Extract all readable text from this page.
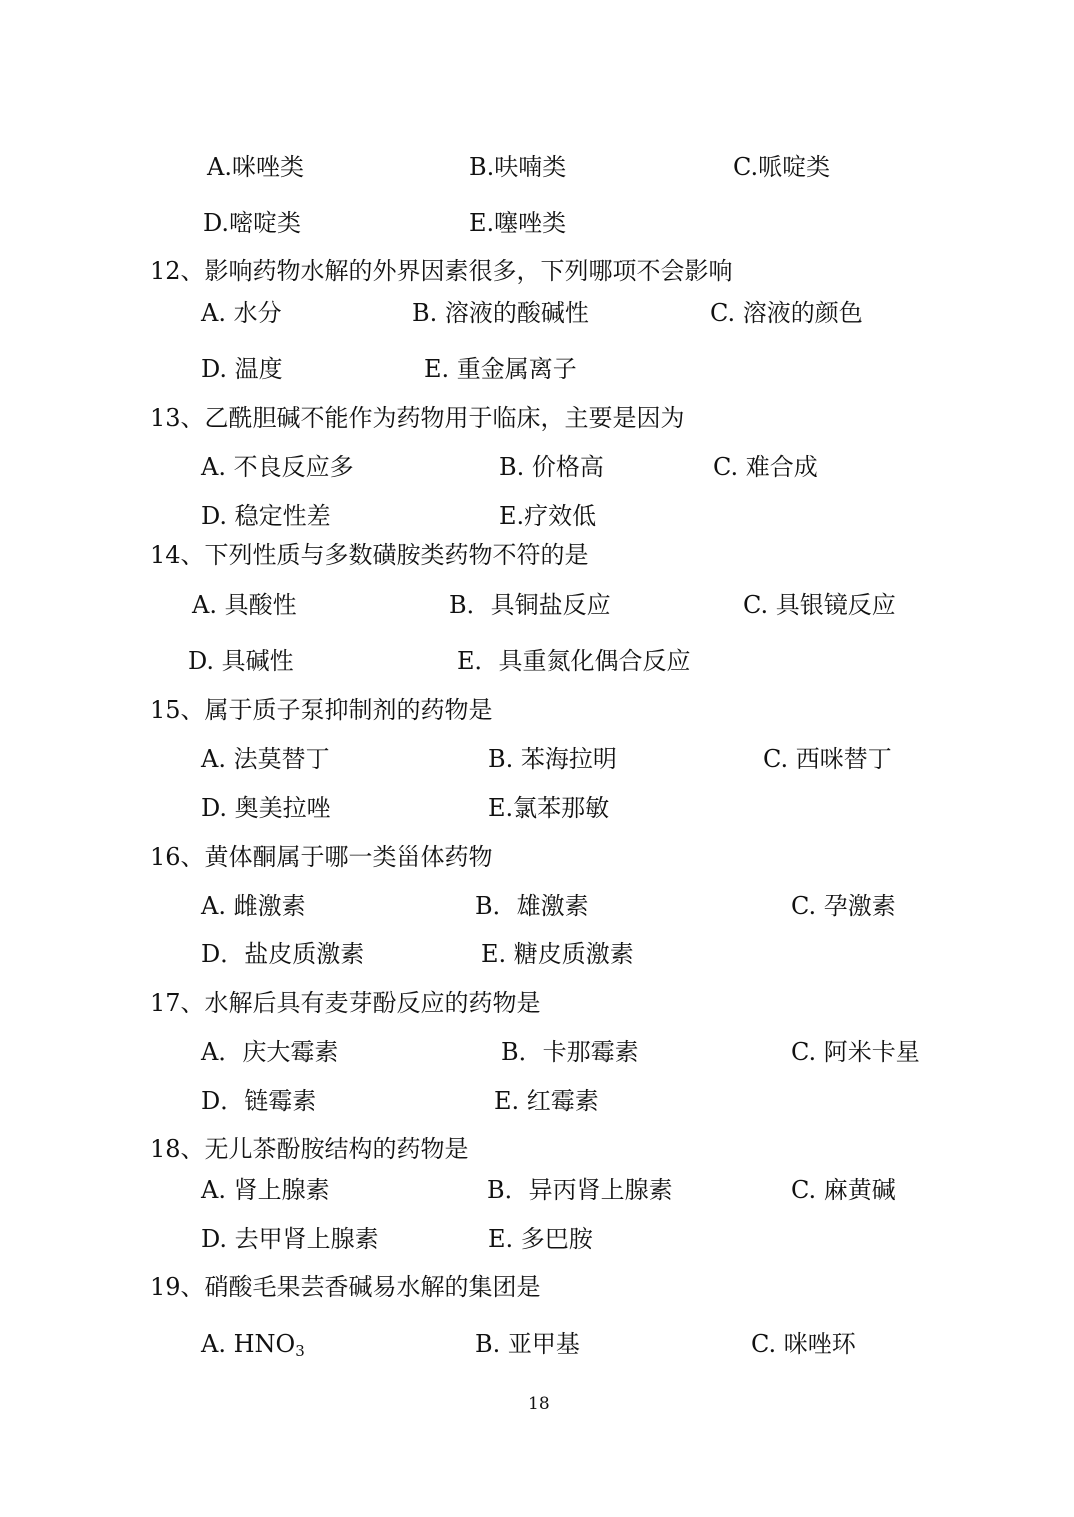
A.咪唑类	B.呋喃类	C.哌啶类
D.嘧啶类	E.噻唑类
12、影响药物水解的外界因素很多，下列哪项不会影响
A. 水分	B. 溶液的酸碱性	C. 溶液的颜色
D. 温度	E. 重金属离子
13、乙酰胆碱不能作为药物用于临床，主要是因为
A. 不良反应多	B. 价格高	C. 难合成
D. 稳定性差	E.疗效低
14、下列性质与多数磺胺类药物不符的是
A. 具酸性	B．具铜盐反应	C. 具银镜反应
D. 具碱性	E．具重氮化偶合反应
15、属于质子泵抑制剂的药物是
A. 法莫替丁	B. 苯海拉明	C. 西咪替丁
D. 奥美拉唑	E.氯苯那敏
16、黄体酮属于哪一类甾体药物
A. 雌激素	B．雄激素	C. 孕激素
D．盐皮质激素	E. 糖皮质激素
17、水解后具有麦芽酚反应的药物是
A．庆大霉素	B．卡那霉素	C. 阿米卡星
D．链霉素	E. 红霉素
18、无儿茶酚胺结构的药物是
A. 肾上腺素	B．异丙肾上腺素	C. 麻黄碱
D. 去甲肾上腺素	E. 多巴胺
19、硝酸毛果芸香碱易水解的集团是
A. $HNO_3$	B. 亚甲基	C. 咪唑环
18
